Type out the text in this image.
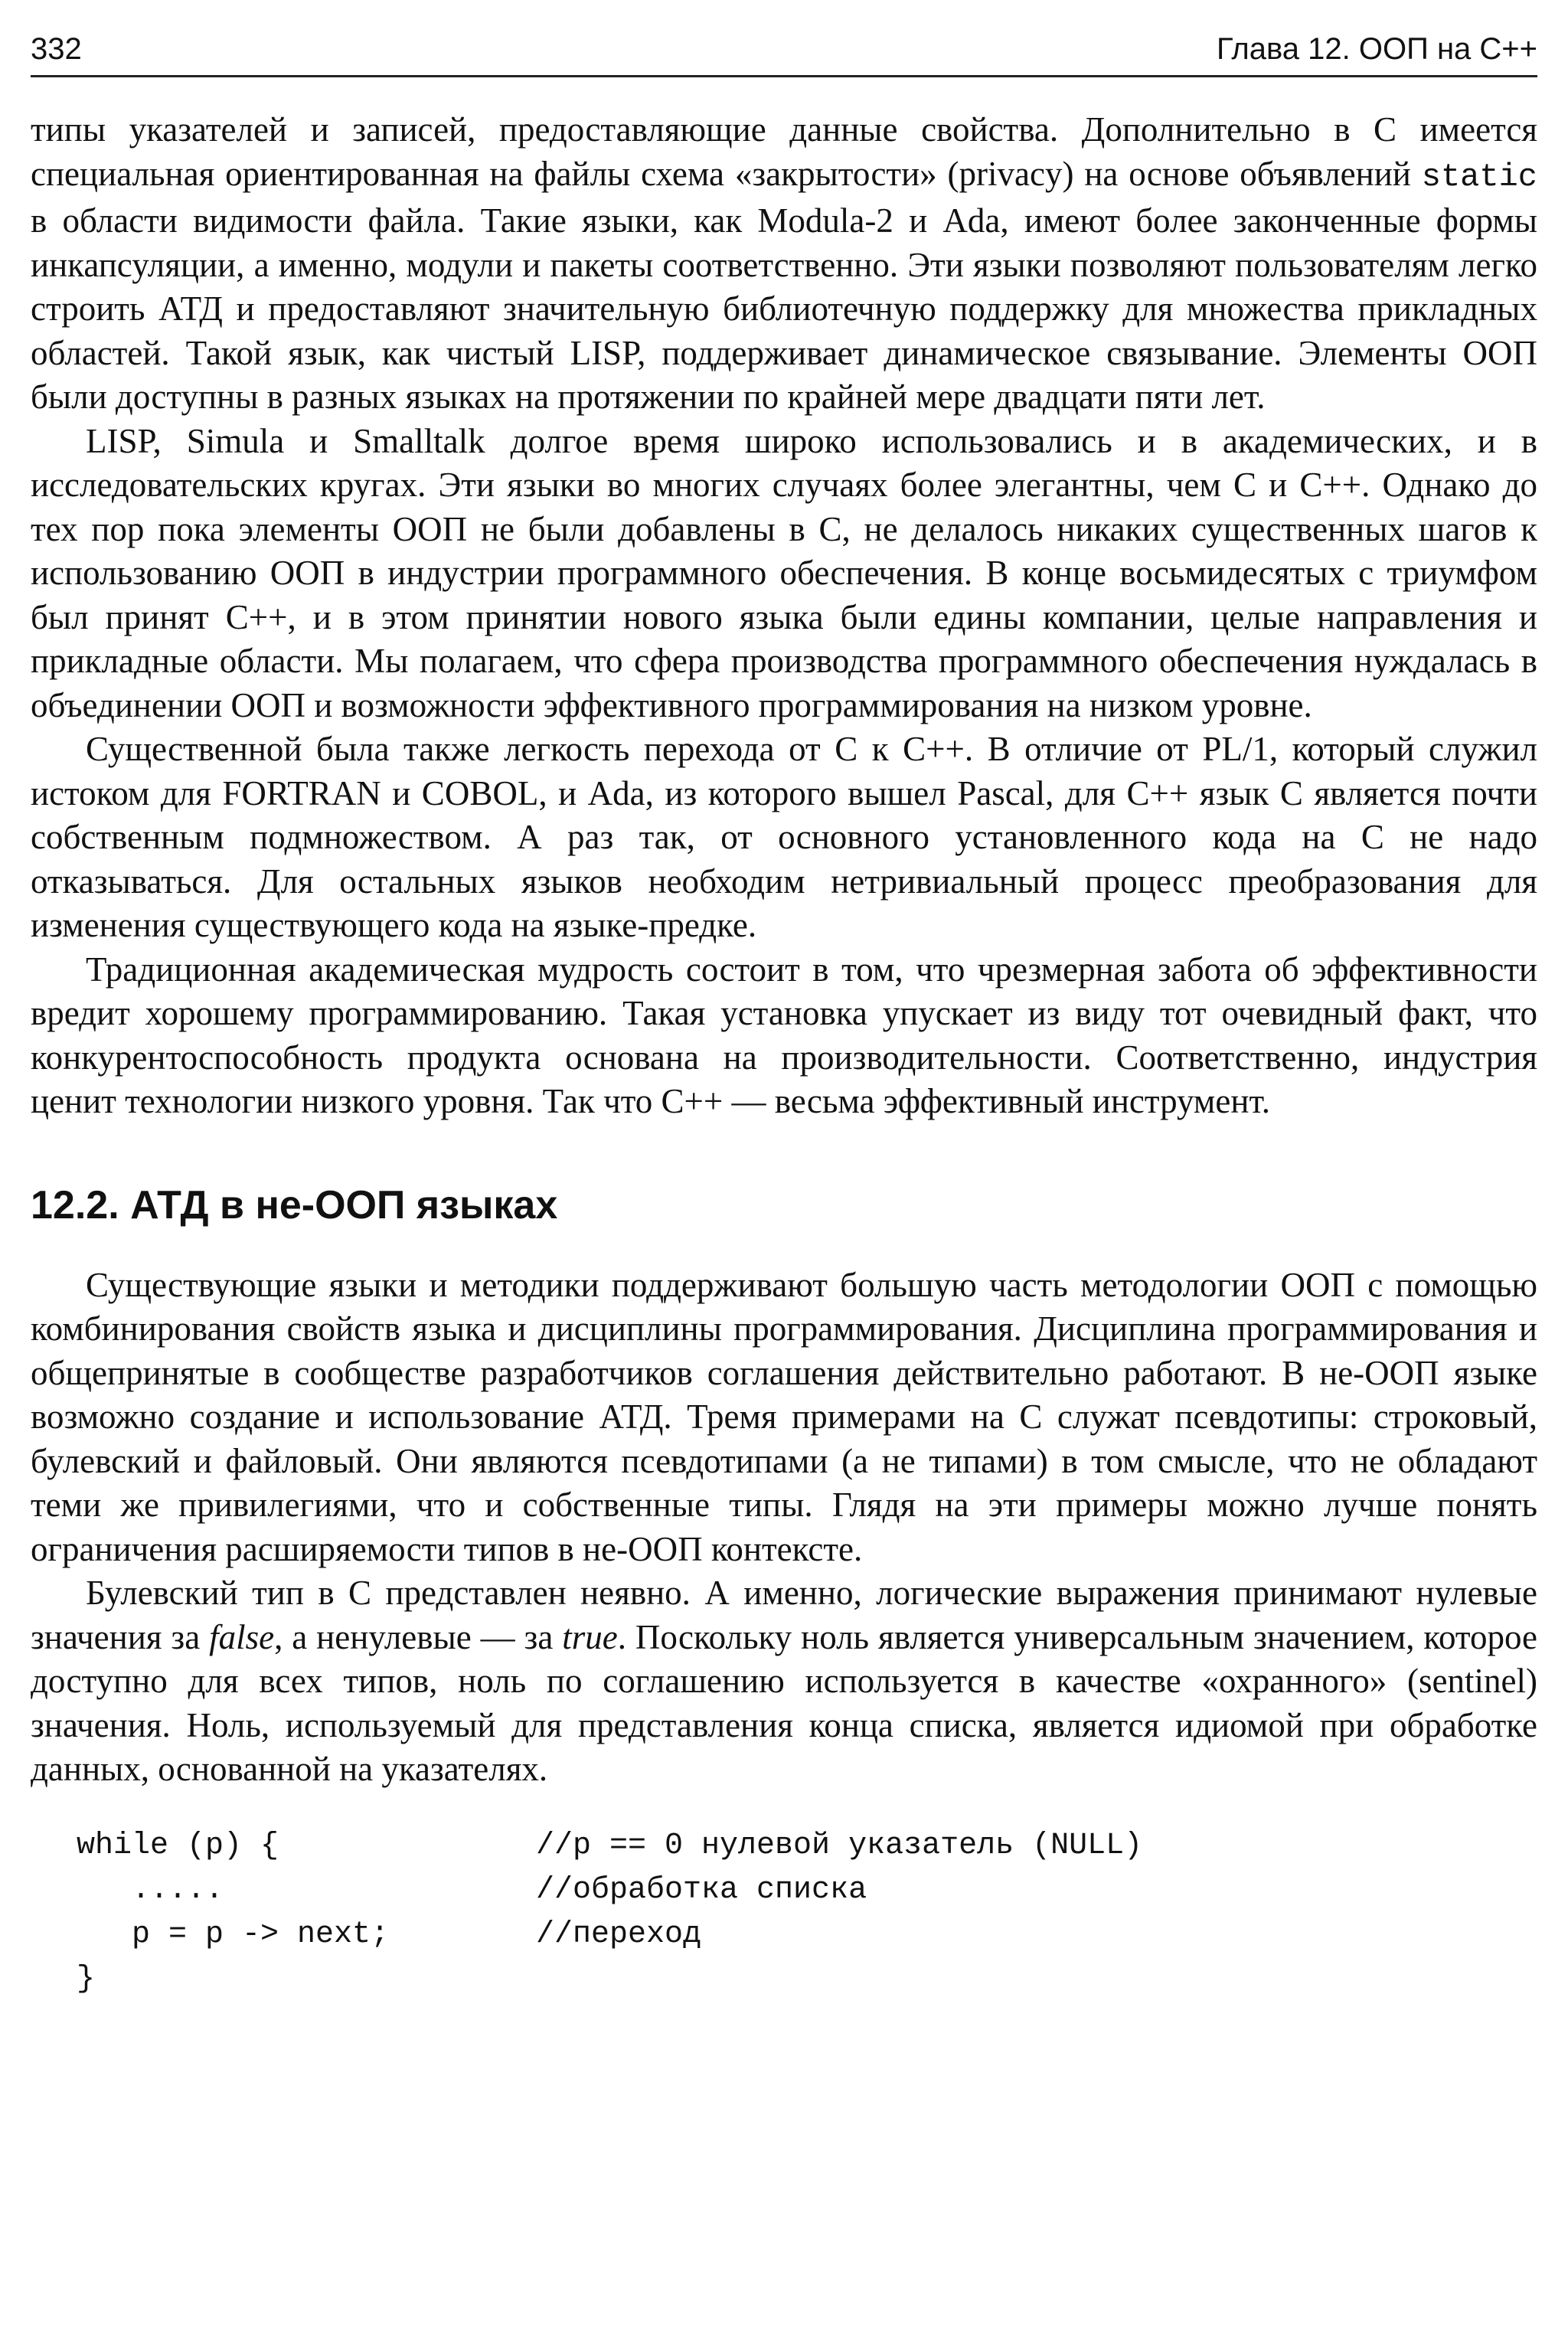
332	Глава 12. ООП на С++

типы указателей и записей, предоставляющие данные свойства. Дополнительно в С имеется специальная ориентированная на файлы схема «закрытости» (privacy) на основе объявлений static в области видимости файла. Такие языки, как Modula-2 и Ada, имеют более законченные формы инкапсуляции, а именно, модули и пакеты соответственно. Эти языки позволяют пользователям легко строить АТД и предоставляют значительную библиотечную поддержку для множества прикладных областей. Такой язык, как чистый LISP, поддерживает динамическое связывание. Элементы ООП были доступны в разных языках на протяжении по крайней мере двадцати пяти лет.

LISP, Simula и Smalltalk долгое время широко использовались и в академических, и в исследовательских кругах. Эти языки во многих случаях более элегантны, чем С и С++. Однако до тех пор пока элементы ООП не были добавлены в С, не делалось никаких существенных шагов к использованию ООП в индустрии программного обеспечения. В конце восьмидесятых с триумфом был принят С++, и в этом принятии нового языка были едины компании, целые направления и прикладные области. Мы полагаем, что сфера производства программного обеспечения нуждалась в объединении ООП и возможности эффективного программирования на низком уровне.

Существенной была также легкость перехода от С к С++. В отличие от PL/1, который служил истоком для FORTRAN и COBOL, и Ada, из которого вышел Pascal, для С++ язык С является почти собственным подмножеством. А раз так, от основного установленного кода на С не надо отказываться. Для остальных языков необходим нетривиальный процесс преобразования для изменения существующего кода на языке-предке.

Традиционная академическая мудрость состоит в том, что чрезмерная забота об эффективности вредит хорошему программированию. Такая установка упускает из виду тот очевидный факт, что конкурентоспособность продукта основана на производительности. Соответственно, индустрия ценит технологии низкого уровня. Так что С++ — весьма эффективный инструмент.

12.2. АТД в не-ООП языках

Существующие языки и методики поддерживают большую часть методологии ООП с помощью комбинирования свойств языка и дисциплины программирования. Дисциплина программирования и общепринятые в сообществе разработчиков соглашения действительно работают. В не-ООП языке возможно создание и использование АТД. Тремя примерами на С служат псевдотипы: строковый, булевский и файловый. Они являются псевдотипами (а не типами) в том смысле, что не обладают теми же привилегиями, что и собственные типы. Глядя на эти примеры можно лучше понять ограничения расширяемости типов в не-ООП контексте.

Булевский тип в С представлен неявно. А именно, логические выражения принимают нулевые значения за false, а ненулевые — за true. Поскольку ноль является универсальным значением, которое доступно для всех типов, ноль по соглашению используется в качестве «охранного» (sentinel) значения. Ноль, используемый для представления конца списка, является идиомой при обработке данных, основанной на указателях.

while (p) {	//p == 0 нулевой указатель (NULL)
.....	//обработка списка
p = p -> next;	//переход
}
